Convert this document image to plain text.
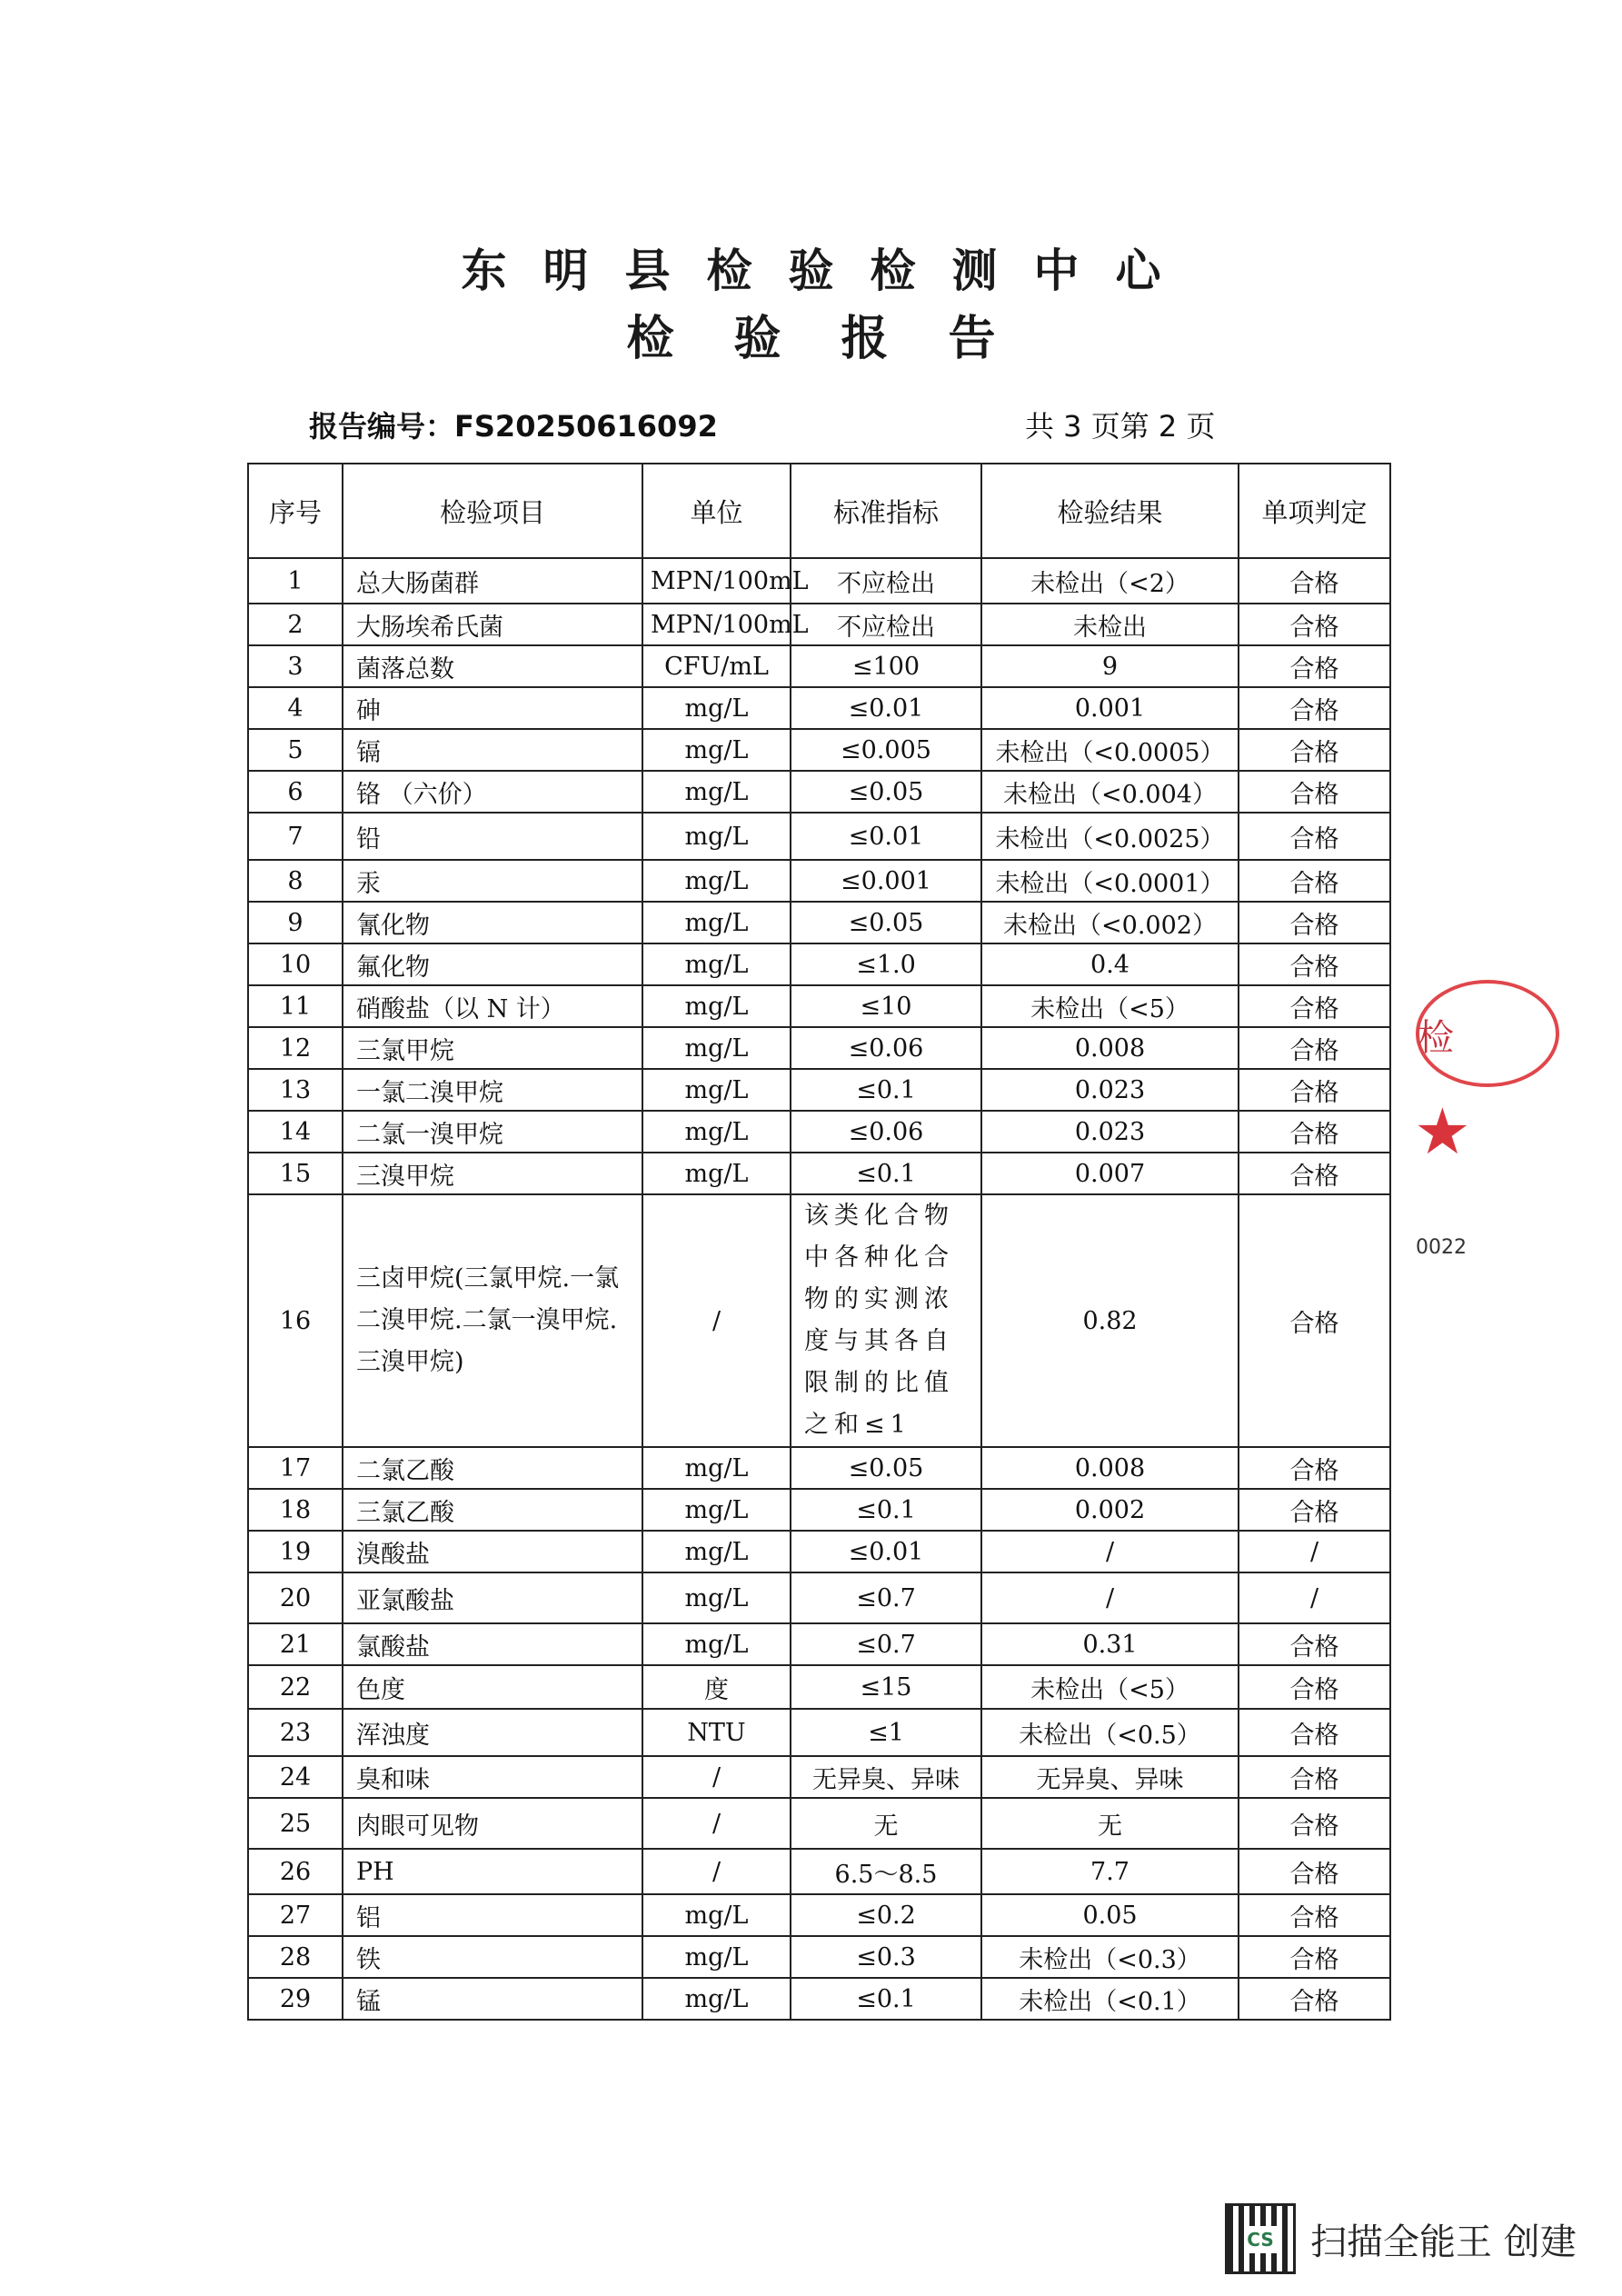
东明县检验检测中心
检验报告
报告编号：FS20250616092	共 3 页第 2 页
序号	检验项目	单位	标准指标	检验结果	单项判定
1	总大肠菌群	MPN/100mL	不应检出	未检出（<2）	合格
2	大肠埃希氏菌	MPN/100mL	不应检出	未检出	合格
3	菌落总数	CFU/mL	≤100	9	合格
4	砷	mg/L	≤0.01	0.001	合格
5	镉	mg/L	≤0.005	未检出（<0.0005）	合格
6	铬 （六价）	mg/L	≤0.05	未检出（<0.004）	合格
7	铅	mg/L	≤0.01	未检出（<0.0025）	合格
8	汞	mg/L	≤0.001	未检出（<0.0001）	合格
9	氰化物	mg/L	≤0.05	未检出（<0.002）	合格
10	氟化物	mg/L	≤1.0	0.4	合格
11	硝酸盐（以 N 计）	mg/L	≤10	未检出（<5）	合格
12	三氯甲烷	mg/L	≤0.06	0.008	合格
13	一氯二溴甲烷	mg/L	≤0.1	0.023	合格
14	二氯一溴甲烷	mg/L	≤0.06	0.023	合格
15	三溴甲烷	mg/L	≤0.1	0.007	合格
16	三卤甲烷(三氯甲烷.一氯二溴甲烷.二氯一溴甲烷.三溴甲烷)	/	该类化合物中各种化合物的实测浓度与其各自限制的比值之和≤1	0.82	合格
17	二氯乙酸	mg/L	≤0.05	0.008	合格
18	三氯乙酸	mg/L	≤0.1	0.002	合格
19	溴酸盐	mg/L	≤0.01	/	/
20	亚氯酸盐	mg/L	≤0.7	/	/
21	氯酸盐	mg/L	≤0.7	0.31	合格
22	色度	度	≤15	未检出（<5）	合格
23	浑浊度	NTU	≤1	未检出（<0.5）	合格
24	臭和味	/	无异臭、异味	无异臭、异味	合格
25	肉眼可见物	/	无	无	合格
26	PH	/	6.5～8.5	7.7	合格
27	铝	mg/L	≤0.2	0.05	合格
28	铁	mg/L	≤0.3	未检出（<0.3）	合格
29	锰	mg/L	≤0.1	未检出（<0.1）	合格
检
★
0022
CS
扫描全能王 创建
